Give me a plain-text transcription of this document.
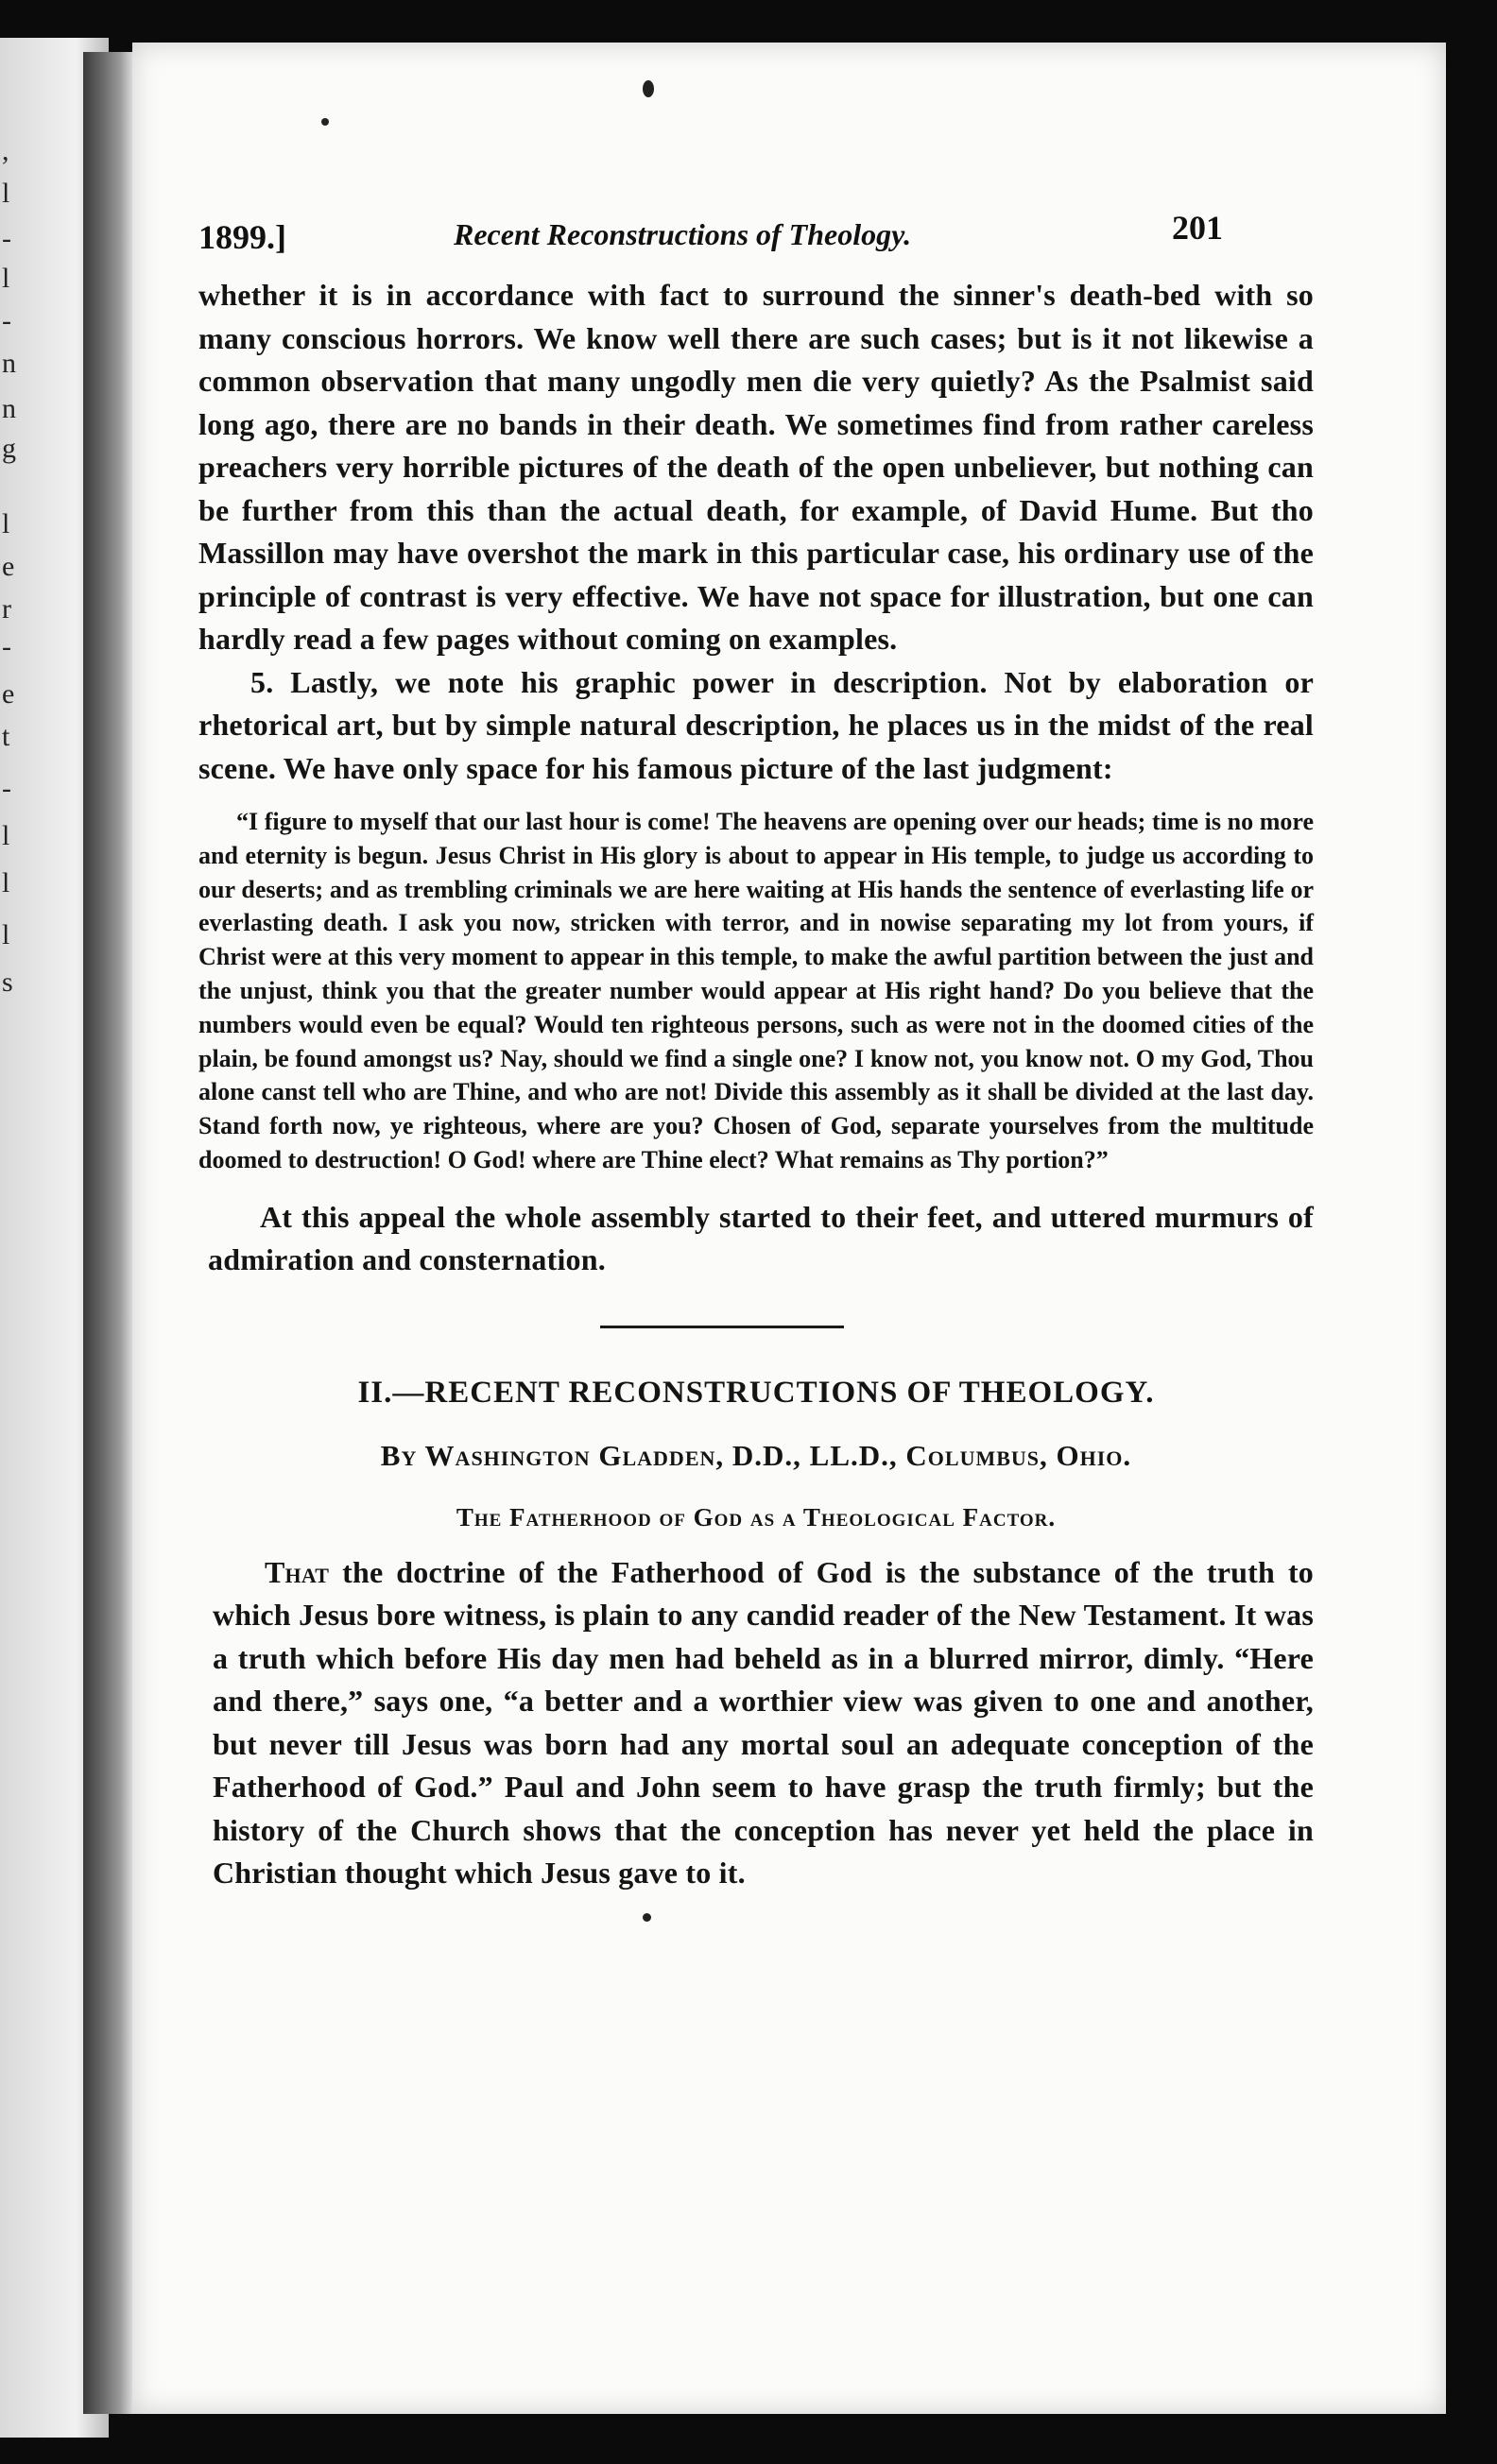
,
l
-
l
-
n
n
g
l
e
r
-
e
t
-
l
l
l
s
1899.]	Recent Reconstructions of Theology.	201

whether it is in accordance with fact to surround the sinner's death-bed with so many conscious horrors. We know well there are such cases; but is it not likewise a common observation that many ungodly men die very quietly? As the Psalmist said long ago, there are no bands in their death. We sometimes find from rather careless preachers very horrible pictures of the death of the open unbeliever, but nothing can be further from this than the actual death, for example, of David Hume. But tho Massillon may have overshot the mark in this particular case, his ordinary use of the principle of contrast is very effective. We have not space for illustration, but one can hardly read a few pages without coming on examples.

5. Lastly, we note his graphic power in description. Not by elaboration or rhetorical art, but by simple natural description, he places us in the midst of the real scene. We have only space for his famous picture of the last judgment:

“I figure to myself that our last hour is come! The heavens are opening over our heads; time is no more and eternity is begun. Jesus Christ in His glory is about to appear in His temple, to judge us according to our deserts; and as trembling criminals we are here waiting at His hands the sentence of everlasting life or everlasting death. I ask you now, stricken with terror, and in nowise separating my lot from yours, if Christ were at this very moment to appear in this temple, to make the awful partition between the just and the unjust, think you that the greater number would appear at His right hand? Do you believe that the numbers would even be equal? Would ten righteous persons, such as were not in the doomed cities of the plain, be found amongst us? Nay, should we find a single one? I know not, you know not. O my God, Thou alone canst tell who are Thine, and who are not! Divide this assembly as it shall be divided at the last day. Stand forth now, ye righteous, where are you? Chosen of God, separate yourselves from the multitude doomed to destruction! O God! where are Thine elect? What remains as Thy portion?”

At this appeal the whole assembly started to their feet, and uttered murmurs of admiration and consternation.

II.—RECENT RECONSTRUCTIONS OF THEOLOGY.
By Washington Gladden, D.D., LL.D., Columbus, Ohio.
The Fatherhood of God as a Theological Factor.

That the doctrine of the Fatherhood of God is the substance of the truth to which Jesus bore witness, is plain to any candid reader of the New Testament. It was a truth which before His day men had beheld as in a blurred mirror, dimly. “Here and there,” says one, “a better and a worthier view was given to one and another, but never till Jesus was born had any mortal soul an adequate conception of the Fatherhood of God.” Paul and John seem to have grasp the truth firmly; but the history of the Church shows that the conception has never yet held the place in Christian thought which Jesus gave to it.
